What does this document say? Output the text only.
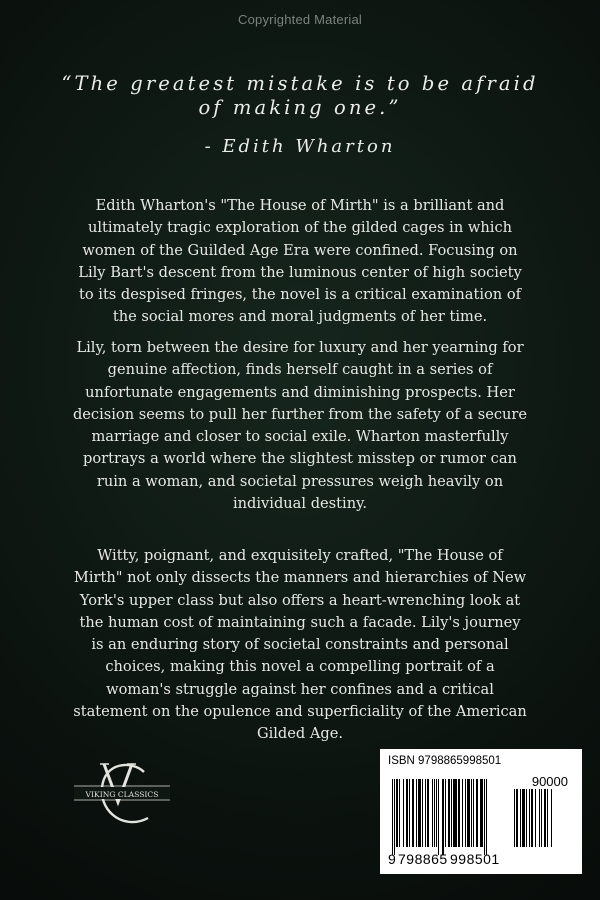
Copyrighted Material
“The greatest mistake is to be afraid of making one.”
- Edith Wharton

Edith Wharton's "The House of Mirth" is a brilliant and ultimately tragic exploration of the gilded cages in which women of the Guilded Age Era were confined. Focusing on Lily Bart's descent from the luminous center of high society to its despised fringes, the novel is a critical examination of the social mores and moral judgments of her time.

Lily, torn between the desire for luxury and her yearning for genuine affection, finds herself caught in a series of unfortunate engagements and diminishing prospects. Her decision seems to pull her further from the safety of a secure marriage and closer to social exile. Wharton masterfully portrays a world where the slightest misstep or rumor can ruin a woman, and societal pressures weigh heavily on individual destiny.

Witty, poignant, and exquisitely crafted, "The House of Mirth" not only dissects the manners and hierarchies of New York's upper class but also offers a heart-wrenching look at the human cost of maintaining such a facade. Lily's journey is an enduring story of societal constraints and personal choices, making this novel a compelling portrait of a woman's struggle against her confines and a critical statement on the opulence and superficiality of the American Gilded Age.

VIKING CLASSICS
ISBN 9798865998501
90000
9 798865 998501
